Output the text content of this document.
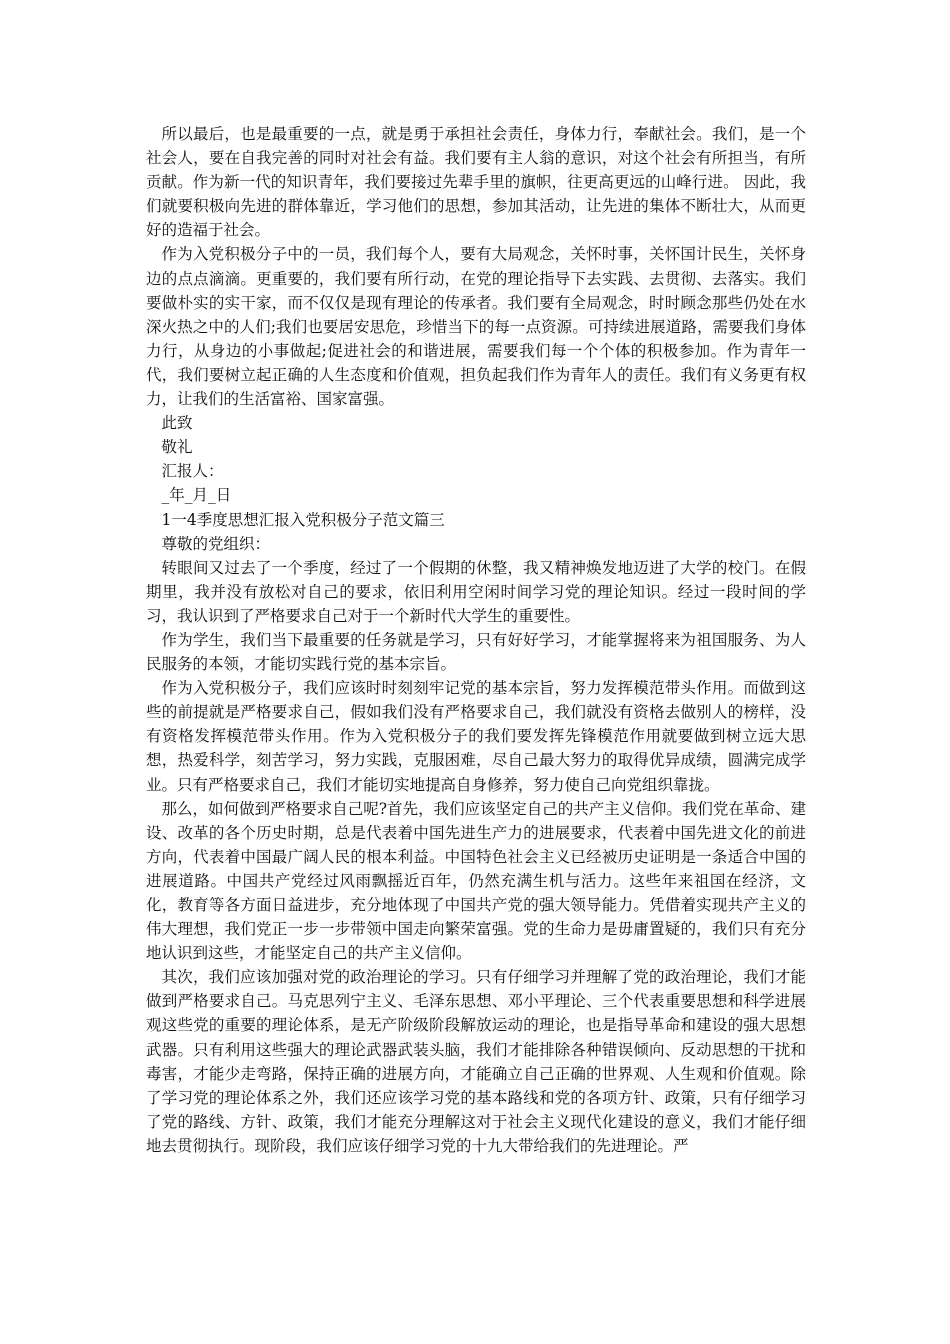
所以最后，也是最重要的一点，就是勇于承担社会责任，身体力行，奉献社会。我们，是一个社会人，要在自我完善的同时对社会有益。我们要有主人翁的意识，对这个社会有所担当，有所贡献。作为新一代的知识青年，我们要接过先辈手里的旗帜，往更高更远的山峰行进。 因此，我们就要积极向先进的群体靠近，学习他们的思想，参加其活动，让先进的集体不断壮大，从而更好的造福于社会。

作为入党积极分子中的一员，我们每个人，要有大局观念，关怀时事，关怀国计民生，关怀身边的点点滴滴。更重要的，我们要有所行动，在党的理论指导下去实践、去贯彻、去落实。我们要做朴实的实干家，而不仅仅是现有理论的传承者。我们要有全局观念，时时顾念那些仍处在水深火热之中的人们;我们也要居安思危，珍惜当下的每一点资源。可持续进展道路，需要我们身体力行，从身边的小事做起;促进社会的和谐进展，需要我们每一个个体的积极参加。作为青年一代，我们要树立起正确的人生态度和价值观，担负起我们作为青年人的责任。我们有义务更有权力，让我们的生活富裕、国家富强。

此致

敬礼

汇报人：

_年_月_日

1一4季度思想汇报入党积极分子范文篇三

尊敬的党组织：

转眼间又过去了一个季度，经过了一个假期的休整，我又精神焕发地迈进了大学的校门。在假期里，我并没有放松对自己的要求，依旧利用空闲时间学习党的理论知识。经过一段时间的学习，我认识到了严格要求自己对于一个新时代大学生的重要性。

作为学生，我们当下最重要的任务就是学习，只有好好学习，才能掌握将来为祖国服务、为人民服务的本领，才能切实践行党的基本宗旨。

作为入党积极分子，我们应该时时刻刻牢记党的基本宗旨，努力发挥模范带头作用。而做到这些的前提就是严格要求自己，假如我们没有严格要求自己，我们就没有资格去做别人的榜样，没有资格发挥模范带头作用。作为入党积极分子的我们要发挥先锋模范作用就要做到树立远大思想，热爱科学，刻苦学习，努力实践，克服困难，尽自己最大努力的取得优异成绩，圆满完成学业。只有严格要求自己，我们才能切实地提高自身修养，努力使自己向党组织靠拢。

那么，如何做到严格要求自己呢?首先，我们应该坚定自己的共产主义信仰。我们党在革命、建设、改革的各个历史时期，总是代表着中国先进生产力的进展要求，代表着中国先进文化的前进方向，代表着中国最广阔人民的根本利益。中国特色社会主义已经被历史证明是一条适合中国的进展道路。中国共产党经过风雨飘摇近百年，仍然充满生机与活力。这些年来祖国在经济，文化，教育等各方面日益进步，充分地体现了中国共产党的强大领导能力。凭借着实现共产主义的伟大理想，我们党正一步一步带领中国走向繁荣富强。党的生命力是毋庸置疑的，我们只有充分地认识到这些，才能坚定自己的共产主义信仰。

其次，我们应该加强对党的政治理论的学习。只有仔细学习并理解了党的政治理论，我们才能做到严格要求自己。马克思列宁主义、毛泽东思想、邓小平理论、三个代表重要思想和科学进展观这些党的重要的理论体系，是无产阶级阶段解放运动的理论，也是指导革命和建设的强大思想武器。只有利用这些强大的理论武器武装头脑，我们才能排除各种错误倾向、反动思想的干扰和毒害，才能少走弯路，保持正确的进展方向，才能确立自己正确的世界观、人生观和价值观。除了学习党的理论体系之外，我们还应该学习党的基本路线和党的各项方针、政策，只有仔细学习了党的路线、方针、政策，我们才能充分理解这对于社会主义现代化建设的意义，我们才能仔细地去贯彻执行。现阶段，我们应该仔细学习党的十九大带给我们的先进理论。严
